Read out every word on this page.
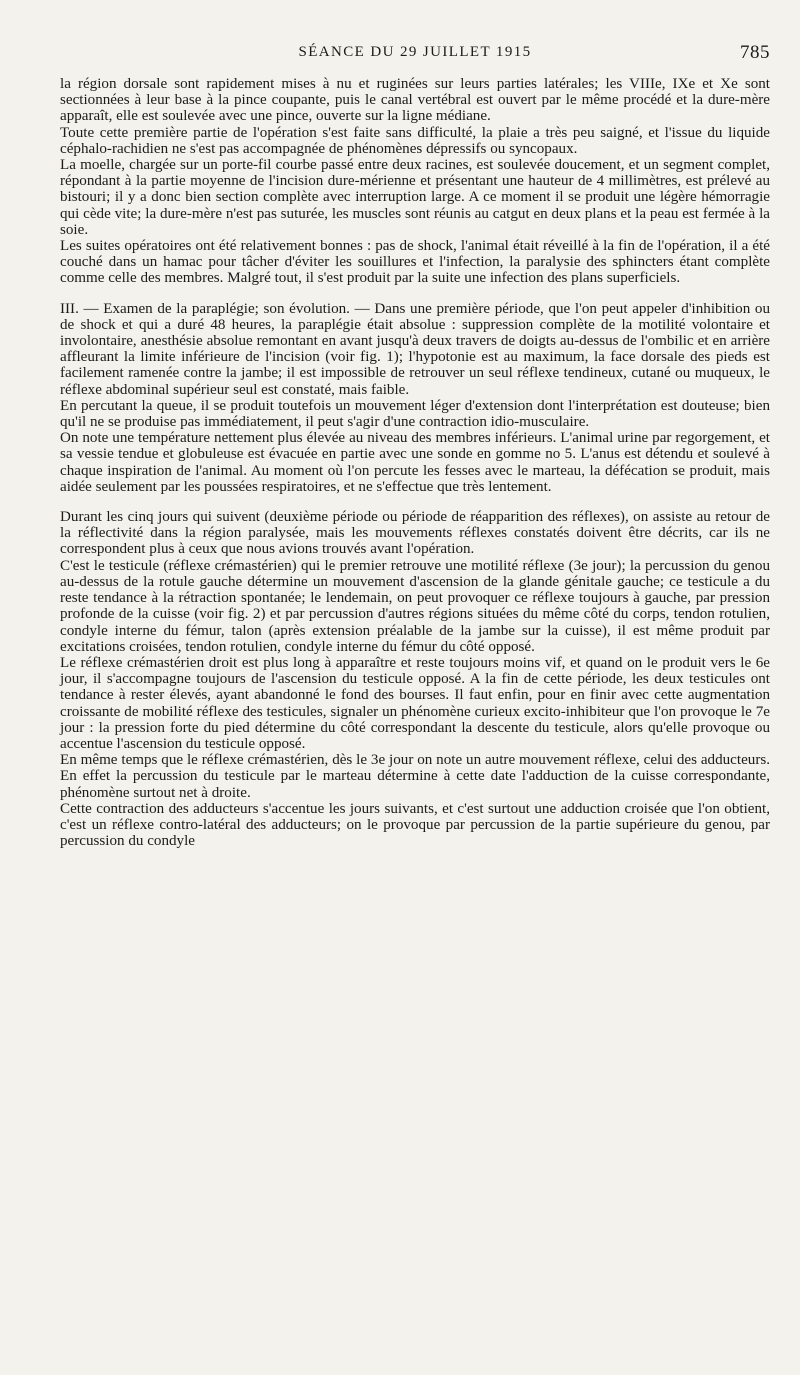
SÉANCE DU 29 JUILLET 1915	785

la région dorsale sont rapidement mises à nu et ruginées sur leurs parties latérales; les VIIIe, IXe et Xe sont sectionnées à leur base à la pince coupante, puis le canal vertébral est ouvert par le même procédé et la dure-mère apparaît, elle est soulevée avec une pince, ouverte sur la ligne médiane.

Toute cette première partie de l'opération s'est faite sans difficulté, la plaie a très peu saigné, et l'issue du liquide céphalo-rachidien ne s'est pas accompagnée de phénomènes dépressifs ou syncopaux.

La moelle, chargée sur un porte-fil courbe passé entre deux racines, est soulevée doucement, et un segment complet, répondant à la partie moyenne de l'incision dure-mérienne et présentant une hauteur de 4 millimètres, est prélevé au bistouri; il y a donc bien section complète avec interruption large. A ce moment il se produit une légère hémorragie qui cède vite; la dure-mère n'est pas suturée, les muscles sont réunis au catgut en deux plans et la peau est fermée à la soie.

Les suites opératoires ont été relativement bonnes : pas de shock, l'animal était réveillé à la fin de l'opération, il a été couché dans un hamac pour tâcher d'éviter les souillures et l'infection, la paralysie des sphincters étant complète comme celle des membres. Malgré tout, il s'est produit par la suite une infection des plans superficiels.

III. — Examen de la paraplégie; son évolution. — Dans une première période, que l'on peut appeler d'inhibition ou de shock et qui a duré 48 heures, la paraplégie était absolue : suppression complète de la motilité volontaire et involontaire, anesthésie absolue remontant en avant jusqu'à deux travers de doigts au-dessus de l'ombilic et en arrière affleurant la limite inférieure de l'incision (voir fig. 1); l'hypotonie est au maximum, la face dorsale des pieds est facilement ramenée contre la jambe; il est impossible de retrouver un seul réflexe tendineux, cutané ou muqueux, le réflexe abdominal supérieur seul est constaté, mais faible.

En percutant la queue, il se produit toutefois un mouvement léger d'extension dont l'interprétation est douteuse; bien qu'il ne se produise pas immédiatement, il peut s'agir d'une contraction idio-musculaire.

On note une température nettement plus élevée au niveau des membres inférieurs. L'animal urine par regorgement, et sa vessie tendue et globuleuse est évacuée en partie avec une sonde en gomme no 5. L'anus est détendu et soulevé à chaque inspiration de l'animal. Au moment où l'on percute les fesses avec le marteau, la défécation se produit, mais aidée seulement par les poussées respiratoires, et ne s'effectue que très lentement.

Durant les cinq jours qui suivent (deuxième période ou période de réapparition des réflexes), on assiste au retour de la réflectivité dans la région paralysée, mais les mouvements réflexes constatés doivent être décrits, car ils ne correspondent plus à ceux que nous avions trouvés avant l'opération.

C'est le testicule (réflexe crémastérien) qui le premier retrouve une motilité réflexe (3e jour); la percussion du genou au-dessus de la rotule gauche détermine un mouvement d'ascension de la glande génitale gauche; ce testicule a du reste tendance à la rétraction spontanée; le lendemain, on peut provoquer ce réflexe toujours à gauche, par pression profonde de la cuisse (voir fig. 2) et par percussion d'autres régions situées du même côté du corps, tendon rotulien, condyle interne du fémur, talon (après extension préalable de la jambe sur la cuisse), il est même produit par excitations croisées, tendon rotulien, condyle interne du fémur du côté opposé.

Le réflexe crémastérien droit est plus long à apparaître et reste toujours moins vif, et quand on le produit vers le 6e jour, il s'accompagne toujours de l'ascension du testicule opposé. A la fin de cette période, les deux testicules ont tendance à rester élevés, ayant abandonné le fond des bourses. Il faut enfin, pour en finir avec cette augmentation croissante de mobilité réflexe des testicules, signaler un phénomène curieux excito-inhibiteur que l'on provoque le 7e jour : la pression forte du pied détermine du côté correspondant la descente du testicule, alors qu'elle provoque ou accentue l'ascension du testicule opposé.

En même temps que le réflexe crémastérien, dès le 3e jour on note un autre mouvement réflexe, celui des adducteurs. En effet la percussion du testicule par le marteau détermine à cette date l'adduction de la cuisse correspondante, phénomène surtout net à droite.

Cette contraction des adducteurs s'accentue les jours suivants, et c'est surtout une adduction croisée que l'on obtient, c'est un réflexe contro-latéral des adducteurs; on le provoque par percussion de la partie supérieure du genou, par percussion du condyle
